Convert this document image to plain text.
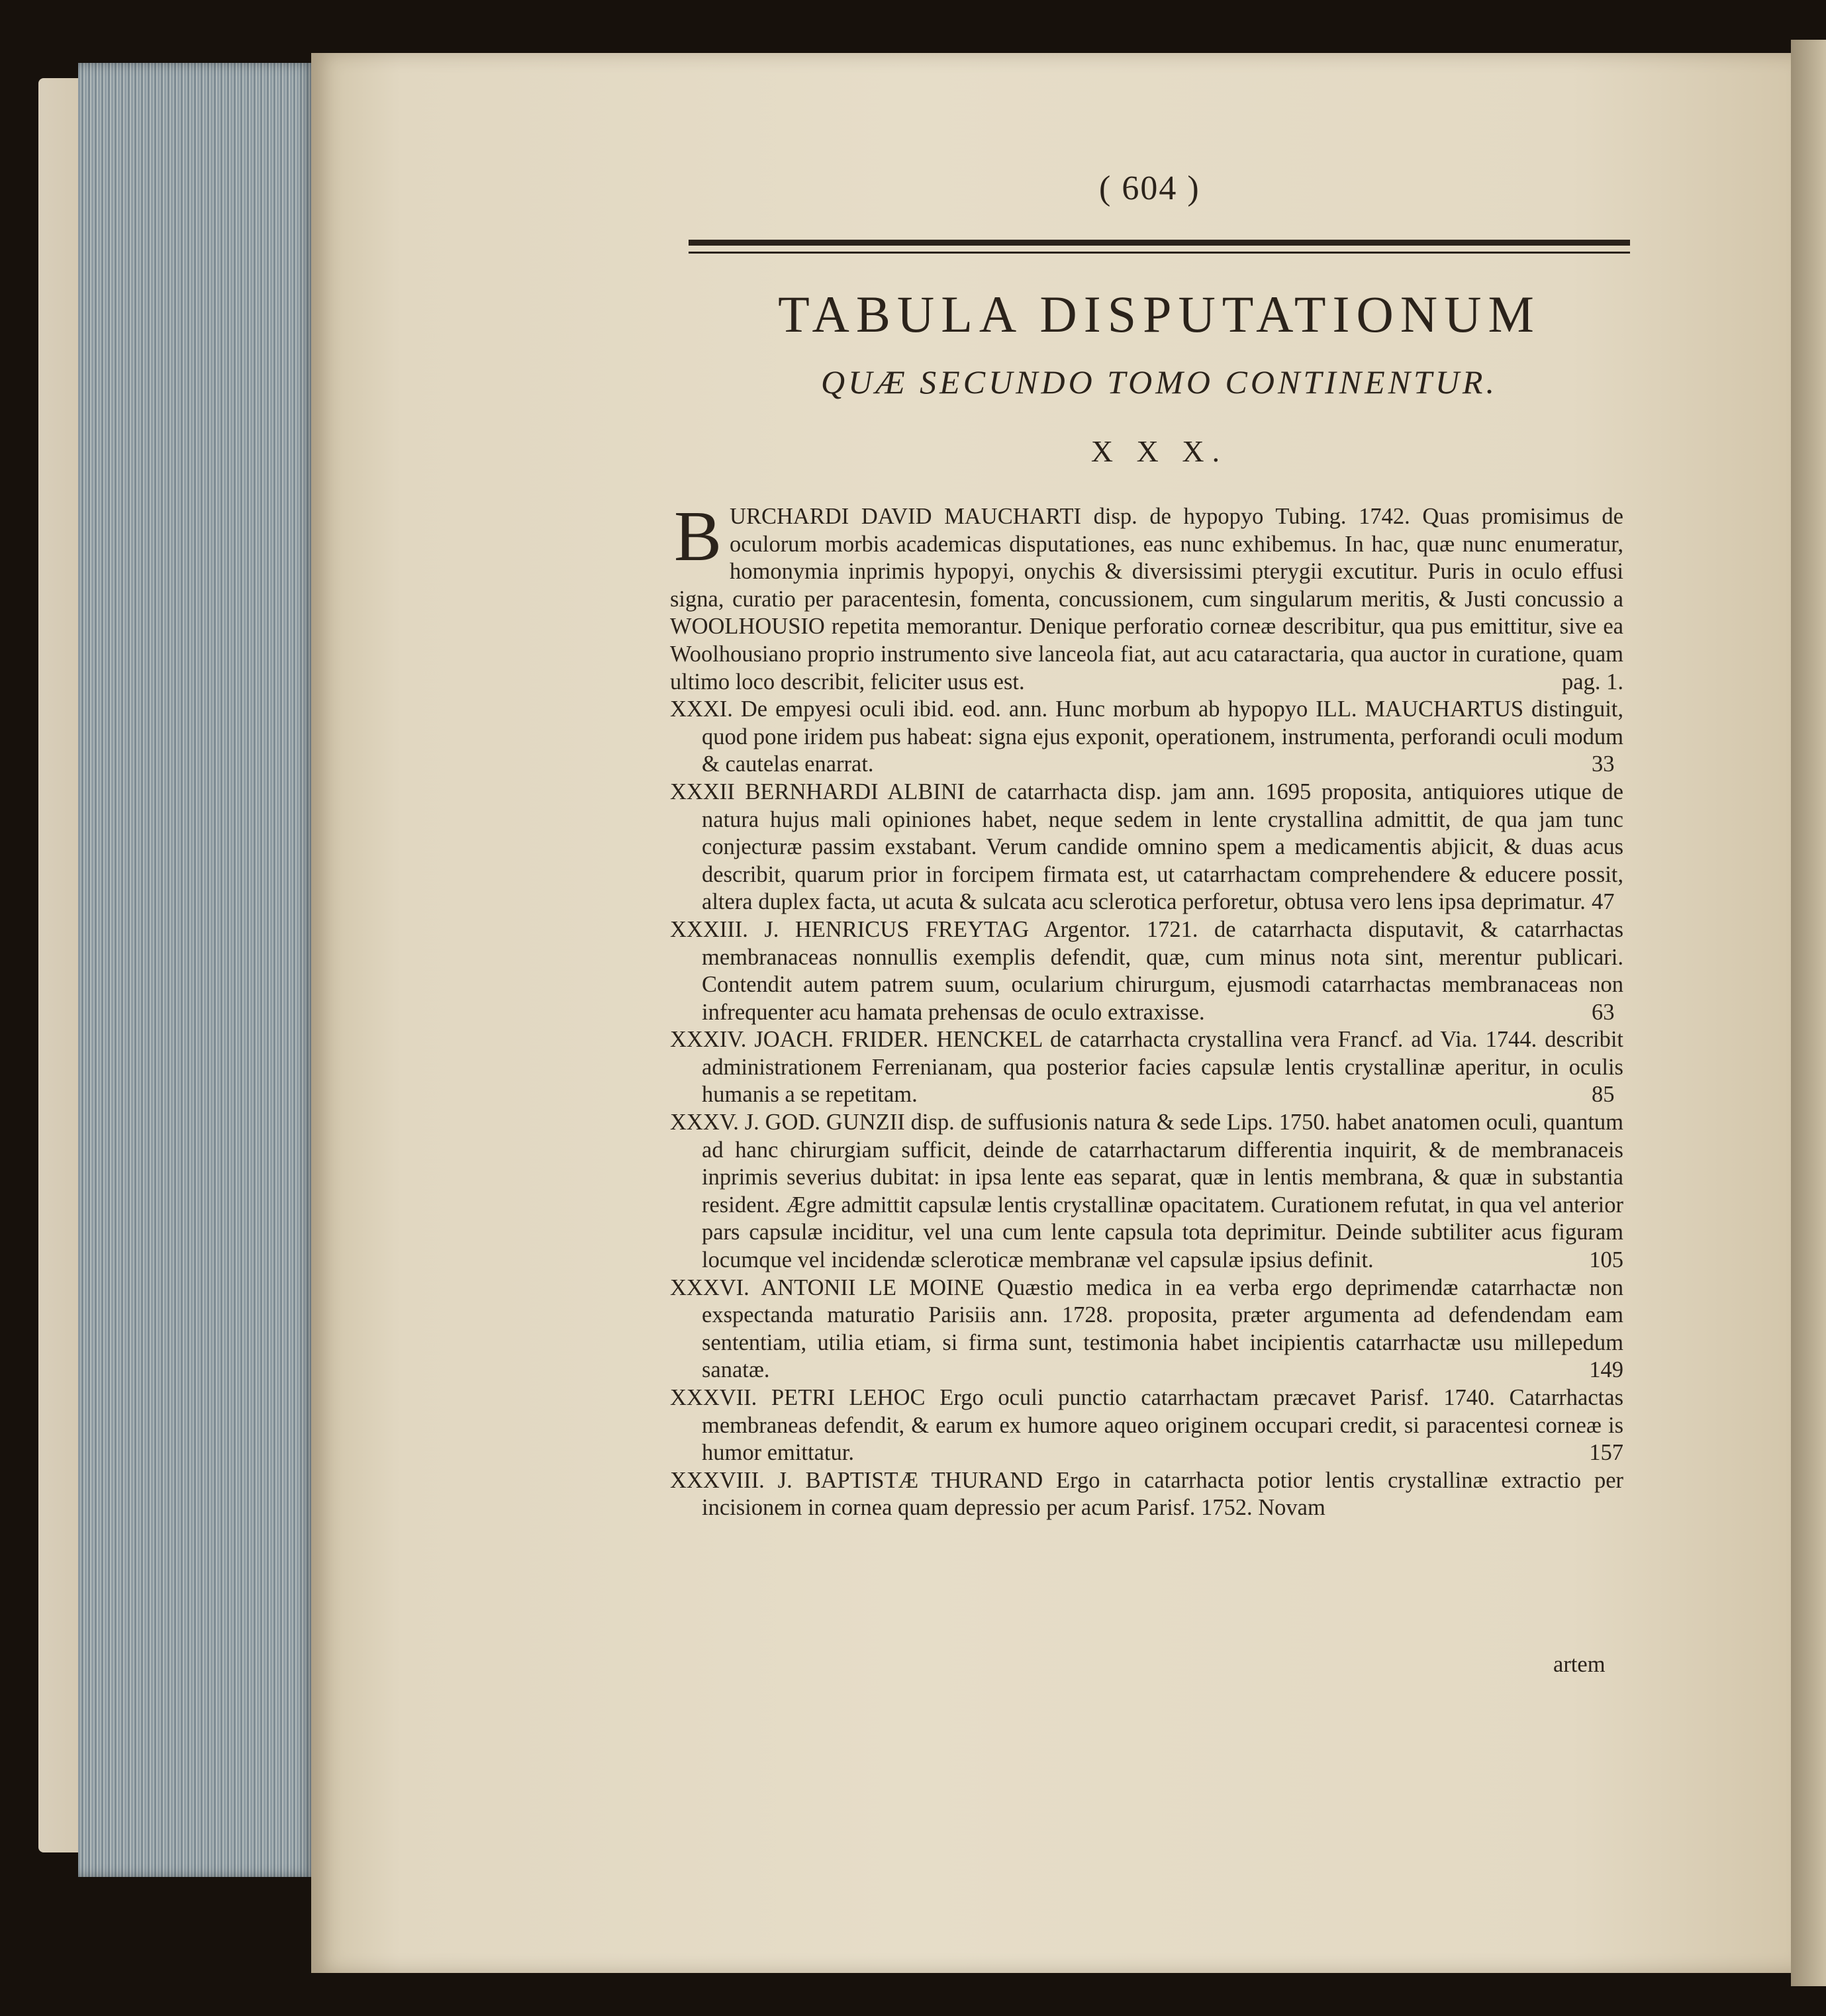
( 604 )
TABULA DISPUTATIONUM
QUÆ SECUNDO TOMO CONTINENTUR.
X X X.

B URCHARDI DAVID MAUCHARTI disp. de hypopyo Tubing. 1742. Quas promisimus de oculorum morbis academicas disputationes, eas nunc exhibemus. In hac, quæ nunc enumeratur, homonymia inprimis hypopyi, onychis & diversissimi pterygii excutitur. Puris in oculo effusi signa, curatio per paracentesin, fomenta, concussionem, cum singularum meritis, & Justi concussio a WOOLHOUSIO repetita memorantur. Denique perforatio corneæ describitur, qua pus emittitur, sive ea Woolhousiano proprio instrumento sive lanceola fiat, aut acu cataractaria, qua auctor in curatione, quam ultimo loco describit, feliciter usus est.	pag. 1.

XXXI. De empyesi oculi ibid. eod. ann. Hunc morbum ab hypopyo ILL. MAUCHARTUS distinguit, quod pone iridem pus habeat: signa ejus exponit, operationem, instrumenta, perforandi oculi modum & cautelas enarrat.	33

XXXII BERNHARDI ALBINI de catarrhacta disp. jam ann. 1695 proposita, antiquiores utique de natura hujus mali opiniones habet, neque sedem in lente crystallina admittit, de qua jam tunc conjecturæ passim exstabant. Verum candide omnino spem a medicamentis abjicit, & duas acus describit, quarum prior in forcipem firmata est, ut catarrhactam comprehendere & educere possit, altera duplex facta, ut acuta & sulcata acu sclerotica perforetur, obtusa vero lens ipsa deprimatur. 47

XXXIII. J. HENRICUS FREYTAG Argentor. 1721. de catarrhacta disputavit, & catarrhactas membranaceas nonnullis exemplis defendit, quæ, cum minus nota sint, merentur publicari. Contendit autem patrem suum, ocularium chirurgum, ejusmodi catarrhactas membranaceas non infrequenter acu hamata prehensas de oculo extraxisse.	63

XXXIV. JOACH. FRIDER. HENCKEL de catarrhacta crystallina vera Francf. ad Via. 1744. describit administrationem Ferrenianam, qua posterior facies capsulæ lentis crystallinæ aperitur, in oculis humanis a se repetitam.	85

XXXV. J. GOD. GUNZII disp. de suffusionis natura & sede Lips. 1750. habet anatomen oculi, quantum ad hanc chirurgiam sufficit, deinde de catarrhactarum differentia inquirit, & de membranaceis inprimis severius dubitat: in ipsa lente eas separat, quæ in lentis membrana, & quæ in substantia resident. Ægre admittit capsulæ lentis crystallinæ opacitatem. Curationem refutat, in qua vel anterior pars capsulæ inciditur, vel una cum lente capsula tota deprimitur. Deinde subtiliter acus figuram locumque vel incidendæ scleroticæ membranæ vel capsulæ ipsius definit.	105

XXXVI. ANTONII LE MOINE Quæstio medica in ea verba ergo deprimendæ catarrhactæ non exspectanda maturatio Parisiis ann. 1728. proposita, præter argumenta ad defendendam eam sententiam, utilia etiam, si firma sunt, testimonia habet incipientis catarrhactæ usu millepedum sanatæ.	149

XXXVII. PETRI LEHOC Ergo oculi punctio catarrhactam præcavet Parisf. 1740. Catarrhactas membraneas defendit, & earum ex humore aqueo originem occupari credit, si paracentesi corneæ is humor emittatur.	157

XXXVIII. J. BAPTISTÆ THURAND Ergo in catarrhacta potior lentis crystallinæ extractio per incisionem in cornea quam depressio per acum Parisf. 1752. Novam

artem
